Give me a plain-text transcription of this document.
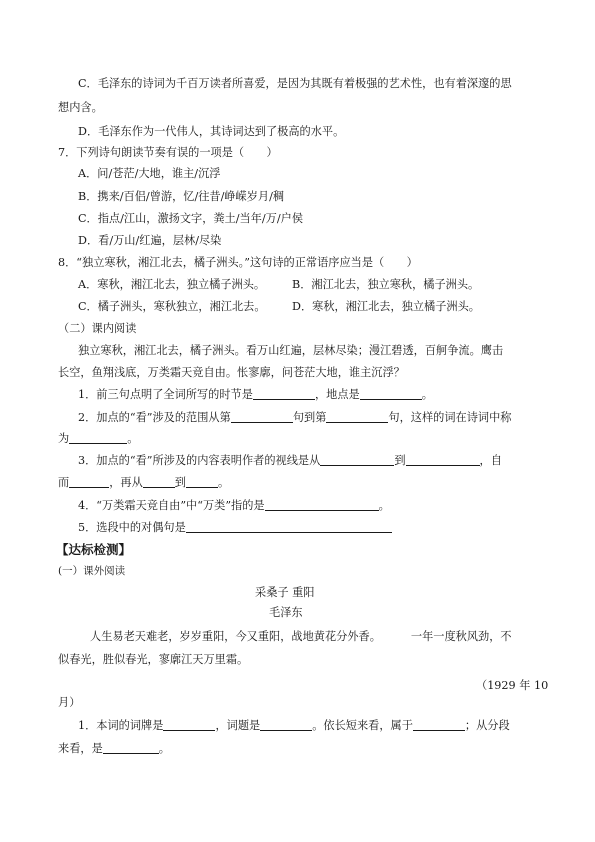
C．毛泽东的诗词为千百万读者所喜爱，是因为其既有着极强的艺术性，也有着深邃的思
想内含。
D．毛泽东作为一代伟人，其诗词达到了极高的水平。
7．下列诗句朗读节奏有误的一项是（　　）
A．问/苍茫/大地，谁主/沉浮
B．携来/百侣/曾游，忆/往昔/峥嵘岁月/稠
C．指点/江山，激扬文字，粪土/当年/万/户侯
D．看/万山/红遍，层林/尽染
8．“独立寒秋，湘江北去，橘子洲头。”这句诗的正常语序应当是（　　）
A．寒秋，湘江北去，独立橘子洲头。 B．湘江北去，独立寒秋，橘子洲头。
C．橘子洲头，寒秋独立，湘江北去。 D．寒秋，湘江北去，独立橘子洲头。
（二）课内阅读
独立寒秋，湘江北去，橘子洲头。看万山红遍，层林尽染；漫江碧透，百舸争流。鹰击
长空，鱼翔浅底，万类霜天竞自由。怅寥廓，问苍茫大地，谁主沉浮？
1．前三句点明了全词所写的时节是	，地点是	。
2．加点的“看”涉及的范围从第	句到第	句，这样的词在诗词中称
为	。
3．加点的“看”所涉及的内容表明作者的视线是从	到	，自
而	，再从	到	。
4．“万类霜天竞自由”中“万类”指的是	。
5．选段中的对偶句是
【达标检测】
(一）课外阅读
采桑子 重阳
毛泽东
人生易老天难老，岁岁重阳，今又重阳，战地黄花分外香。	一年一度秋风劲，不
似春光，胜似春光，寥廓江天万里霜。
（1929 年 10
月）
1．本词的词牌是	，词题是	。依长短来看，属于	；从分段
来看，是	。
